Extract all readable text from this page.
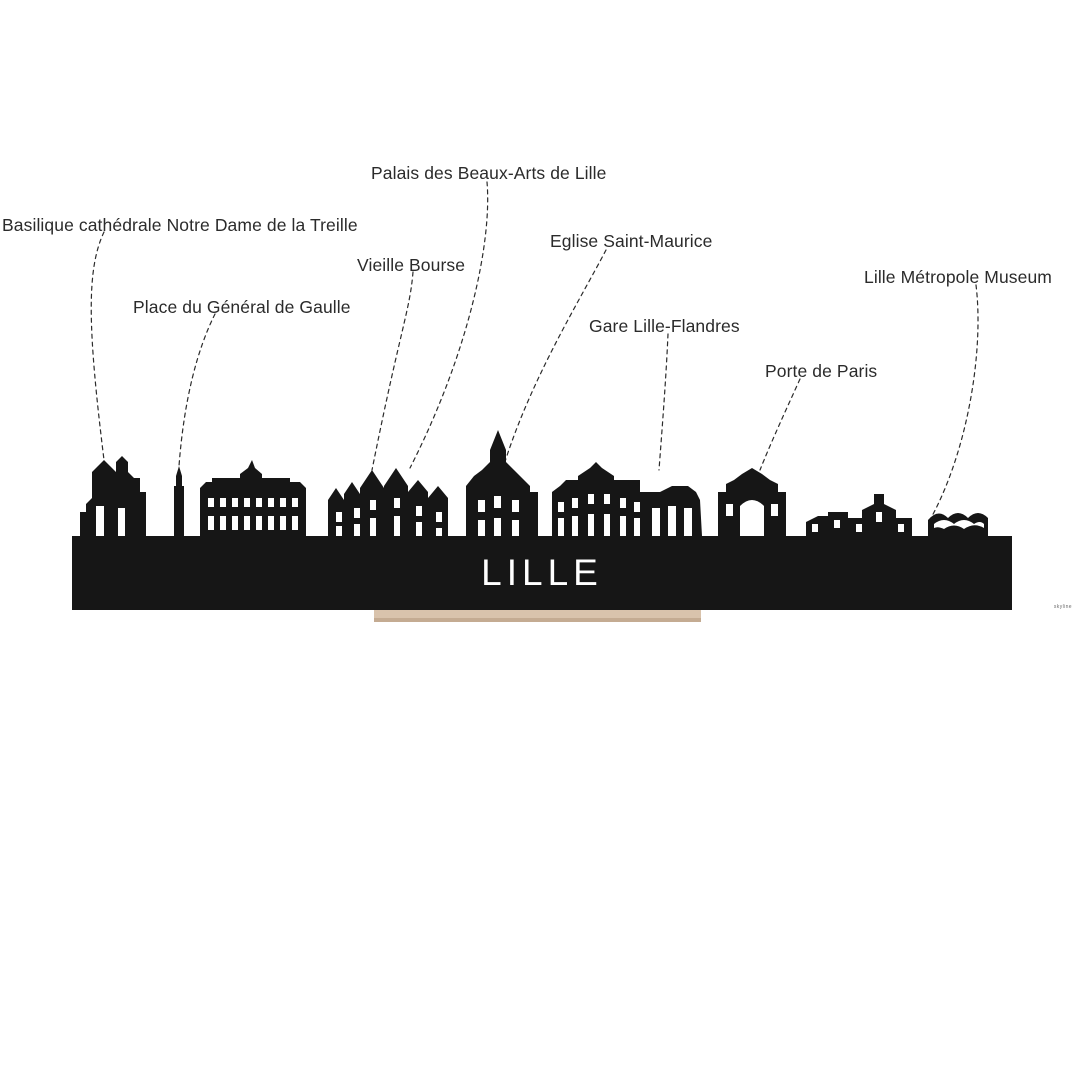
LILLE
Basilique cathédrale Notre Dame de la Treille
Place du Général de Gaulle
Vieille Bourse
Palais des Beaux-Arts de Lille
Eglise Saint-Maurice
Gare Lille-Flandres
Porte de Paris
Lille Métropole Museum
skyline
